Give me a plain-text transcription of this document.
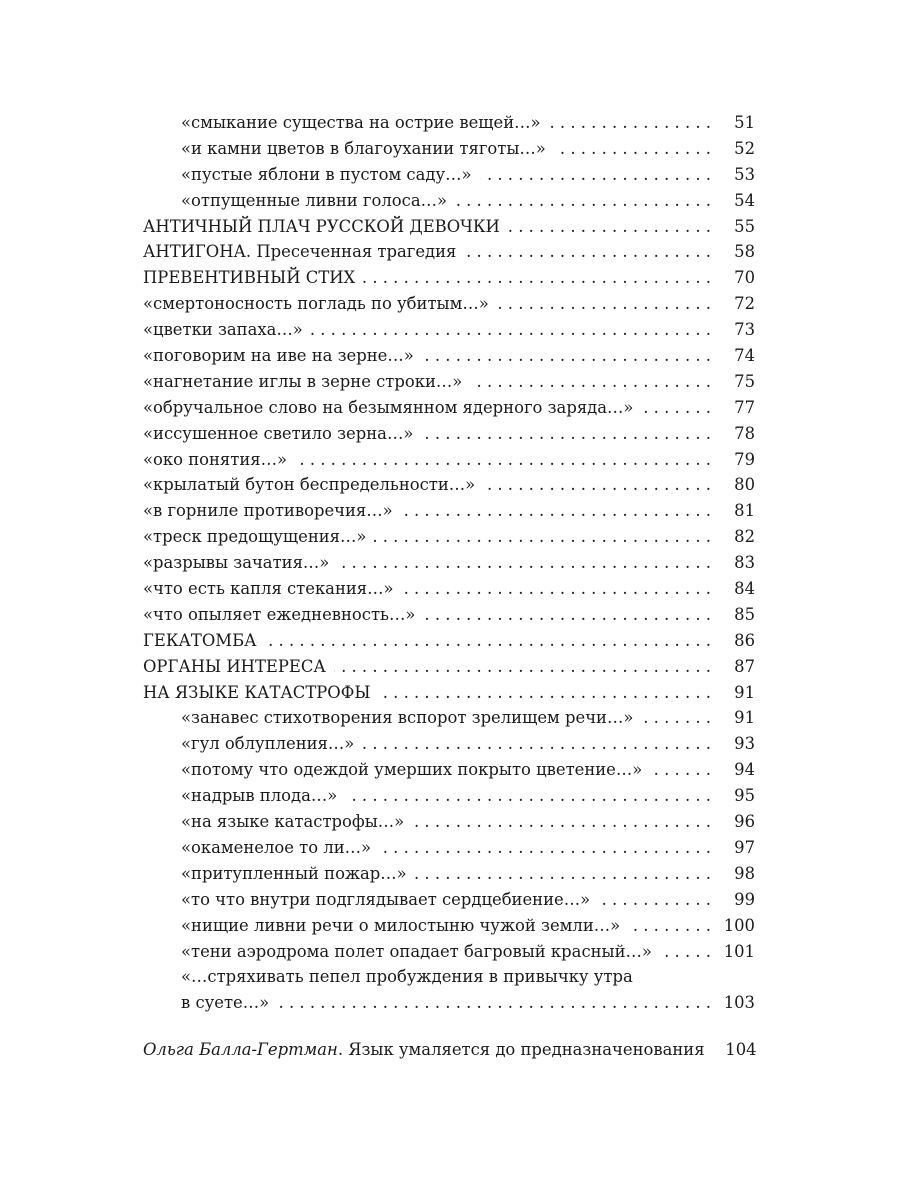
«смыкание существа на острие вещей…» . . .	51
«и камни цветов в благоухании тяготы…» . . .	52
«пустые яблони в пустом саду…» . . .	53
«отпущенные ливни голоса…» . . .	54
АНТИЧНЫЙ ПЛАЧ РУССКОЙ ДЕВОЧКИ . . .	55
АНТИГОНА. Пресеченная трагедия . . .	58
ПРЕВЕНТИВНЫЙ СТИХ . . .	70
«смертоносность погладь по убитым…» . . .	72
«цветки запаха…» . . .	73
«поговорим на иве на зерне…» . . .	74
«нагнетание иглы в зерне строки…» . . .	75
«обручальное слово на безымянном ядерного заряда…» . . .	77
«иссушенное светило зерна…» . . .	78
«око понятия…» . . .	79
«крылатый бутон беспредельности…» . . .	80
«в горниле противоречия…» . . .	81
«треск предощущения…» . . .	82
«разрывы зачатия…» . . .	83
«что есть капля стекания…» . . .	84
«что опыляет ежедневность…» . . .	85
ГЕКАТОМБА . . .	86
ОРГАНЫ ИНТЕРЕСА . . .	87
НА ЯЗЫКЕ КАТАСТРОФЫ . . .	91
«занавес стихотворения вспорот зрелищем речи…» . . .	91
«гул облупления…» . . .	93
«потому что одеждой умерших покрыто цветение…» . . .	94
«надрыв плода…» . . .	95
«на языке катастрофы…» . . .	96
«окаменелое то ли…» . . .	97
«притупленный пожар…» . . .	98
«то что внутри подглядывает сердцебиение…» . . .	99
«нищие ливни речи о милостыню чужой земли…» . . .	100
«тени аэродрома полет опадает багровый красный…» . . .	101
«…стряхивать пепел пробуждения в привычку утра
в суете…» . . .	103
Ольга Балла-Гертман. Язык умаляется до предназначенования	104
